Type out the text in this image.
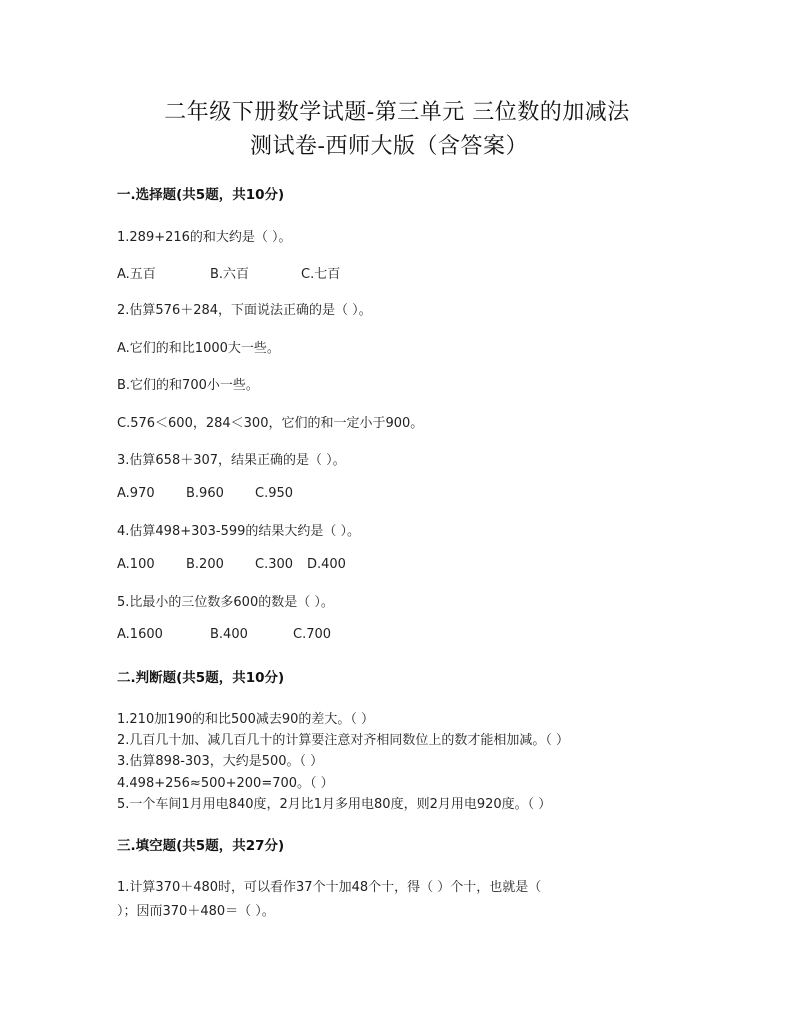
二年级下册数学试题-第三单元 三位数的加减法
测试卷-西师大版（含答案）
一.选择题(共5题，共10分)
1.289+216的和大约是（ ）。
A.五百	B.六百	C.七百
2.估算576＋284，下面说法正确的是（ ）。
A.它们的和比1000大一些。
B.它们的和700小一些。
C.576＜600，284＜300，它们的和一定小于900。
3.估算658＋307，结果正确的是（ ）。
A.970 B.960 C.950
4.估算498+303-599的结果大约是（ ）。
A.100 B.200 C.300 D.400
5.比最小的三位数多600的数是（ ）。
A.1600	B.400	C.700
二.判断题(共5题，共10分)
1.210加190的和比500减去90的差大。（ ）
2.几百几十加、减几百几十的计算要注意对齐相同数位上的数才能相加减。（ ）
3.估算898-303，大约是500。（ ）
4.498+256≈500+200=700。（ ）
5.一个车间1月用电840度，2月比1月多用电80度，则2月用电920度。（ ）
三.填空题(共5题，共27分)
1.计算370＋480时，可以看作37个十加48个十，得（ ）个十，也就是（
）；因而370＋480＝（ ）。
